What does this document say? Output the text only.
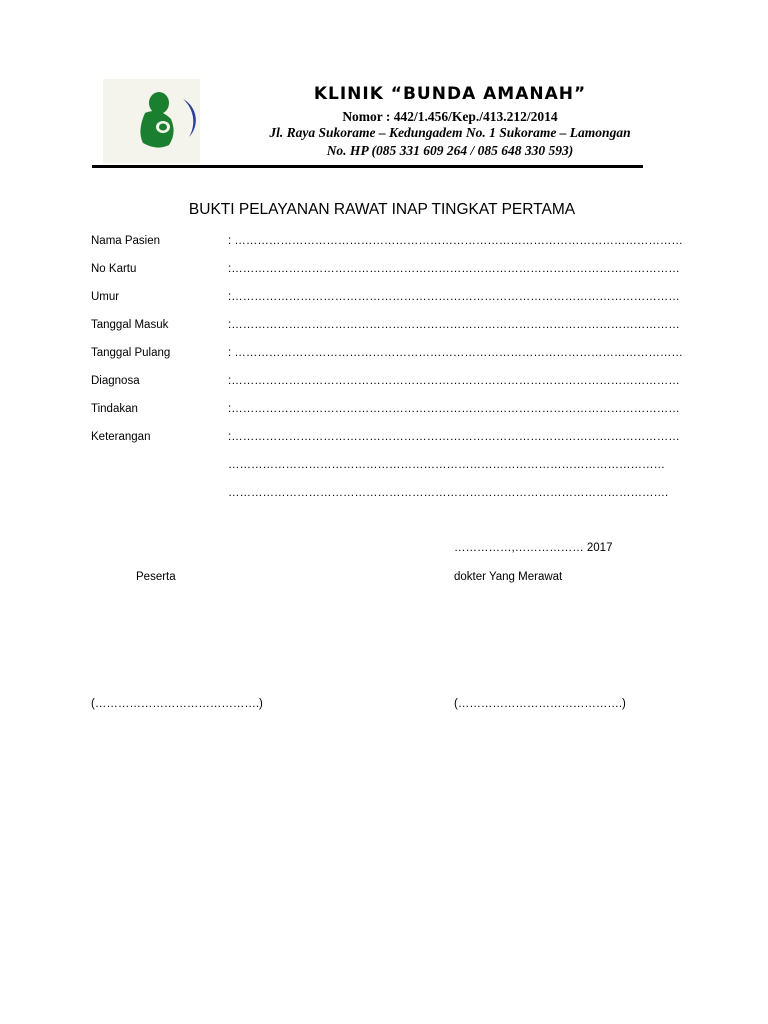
KLINIK “BUNDA AMANAH”
Nomor : 442/1.456/Kep./413.212/2014
Jl. Raya Sukorame – Kedungadem No. 1 Sukorame – Lamongan
No. HP (085 331 609 264 / 085 648 330 593)
BUKTI PELAYANAN RAWAT INAP TINGKAT PERTAMA
Nama Pasien	: ………………………………………………………………………………………………………
No Kartu	:………………………………………………………………………………………………………
Umur	:………………………………………………………………………………………………………
Tanggal Masuk	:………………………………………………………………………………………………………
Tanggal Pulang	: ………………………………………………………………………………………………………
Diagnosa	:………………………………………………………………………………………………………
Tindakan	:………………………………………………………………………………………………………
Keterangan	:………………………………………………………………………………………………………
……………………………………………………………………………………………………
…………………………………………………………………………………………………….
……………,……………… 2017
Peserta	dokter Yang Merawat
(…………………………………….)	(…………………………………….)
